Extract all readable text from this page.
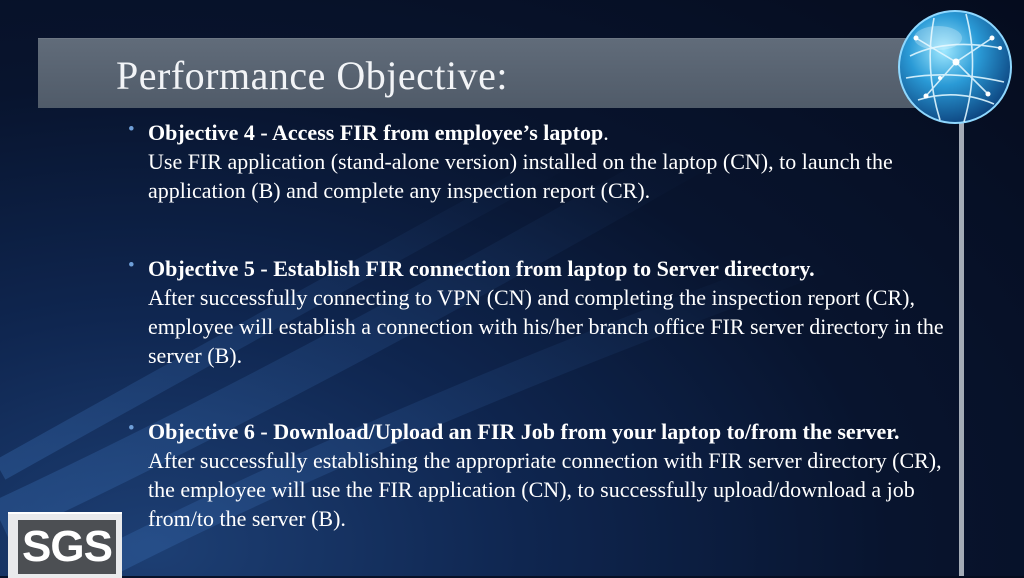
Performance Objective:
• Objective 4 - Access FIR from employee’s laptop.
Use FIR application (stand-alone version) installed on the laptop (CN), to launch the application (B) and complete any inspection report (CR).
• Objective 5 - Establish FIR connection from laptop to Server directory.
After successfully connecting to VPN (CN) and completing the inspection report (CR), employee will establish a connection with his/her branch office FIR server directory in the server (B).
• Objective 6 - Download/Upload an FIR Job from your laptop to/from the server.
After successfully establishing the appropriate connection with FIR server directory (CR), the employee will use the FIR application (CN), to successfully upload/download a job from/to the server (B).
SGS
